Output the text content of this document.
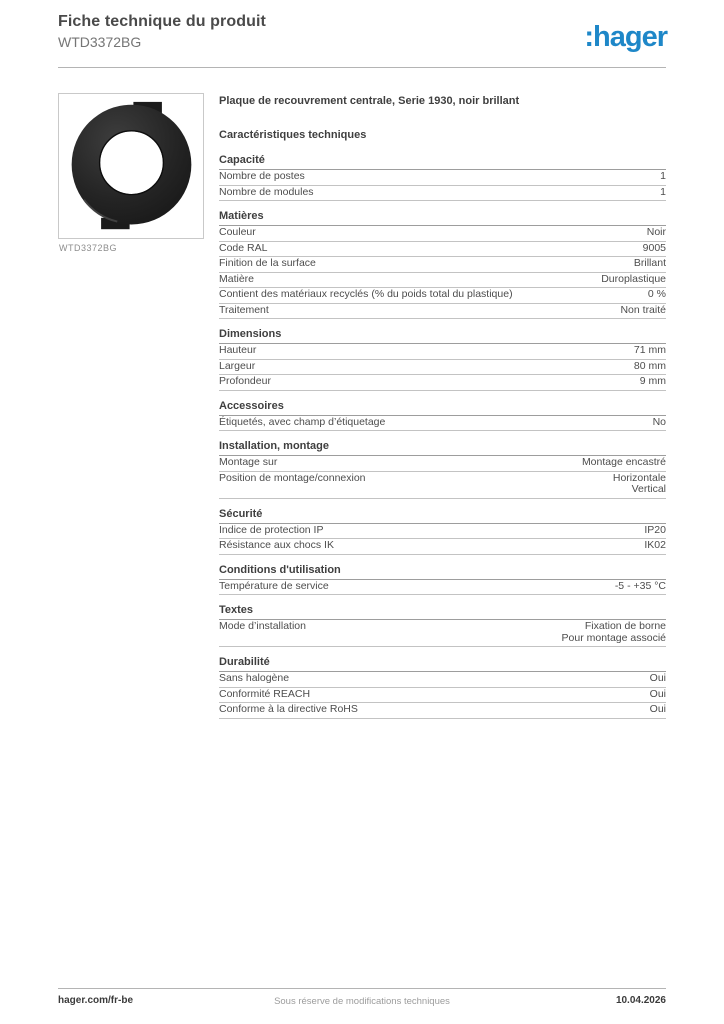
Fiche technique du produit
WTD3372BG	:hager
WTD3372BG
Plaque de recouvrement centrale, Serie 1930, noir brillant
Caractéristiques techniques
Capacité
Nombre de postes	1
Nombre de modules	1
Matières
Couleur	Noir
Code RAL	9005
Finition de la surface	Brillant
Matière	Duroplastique
Contient des matériaux recyclés (% du poids total du plastique)	0 %
Traitement	Non traité
Dimensions
Hauteur	71 mm
Largeur	80 mm
Profondeur	9 mm
Accessoires
Étiquetés, avec champ d’étiquetage	No
Installation, montage
Montage sur	Montage encastré
Position de montage/connexion	Horizontale
Vertical
Sécurité
Indice de protection IP	IP20
Résistance aux chocs IK	IK02
Conditions d'utilisation
Température de service	-5 - +35 °C
Textes
Mode d’installation	Fixation de borne
Pour montage associé
Durabilité
Sans halogène	Oui
Conformité REACH	Oui
Conforme à la directive RoHS	Oui
Sous réserve de modifications techniques
hager.com/fr-be	10.04.2026
